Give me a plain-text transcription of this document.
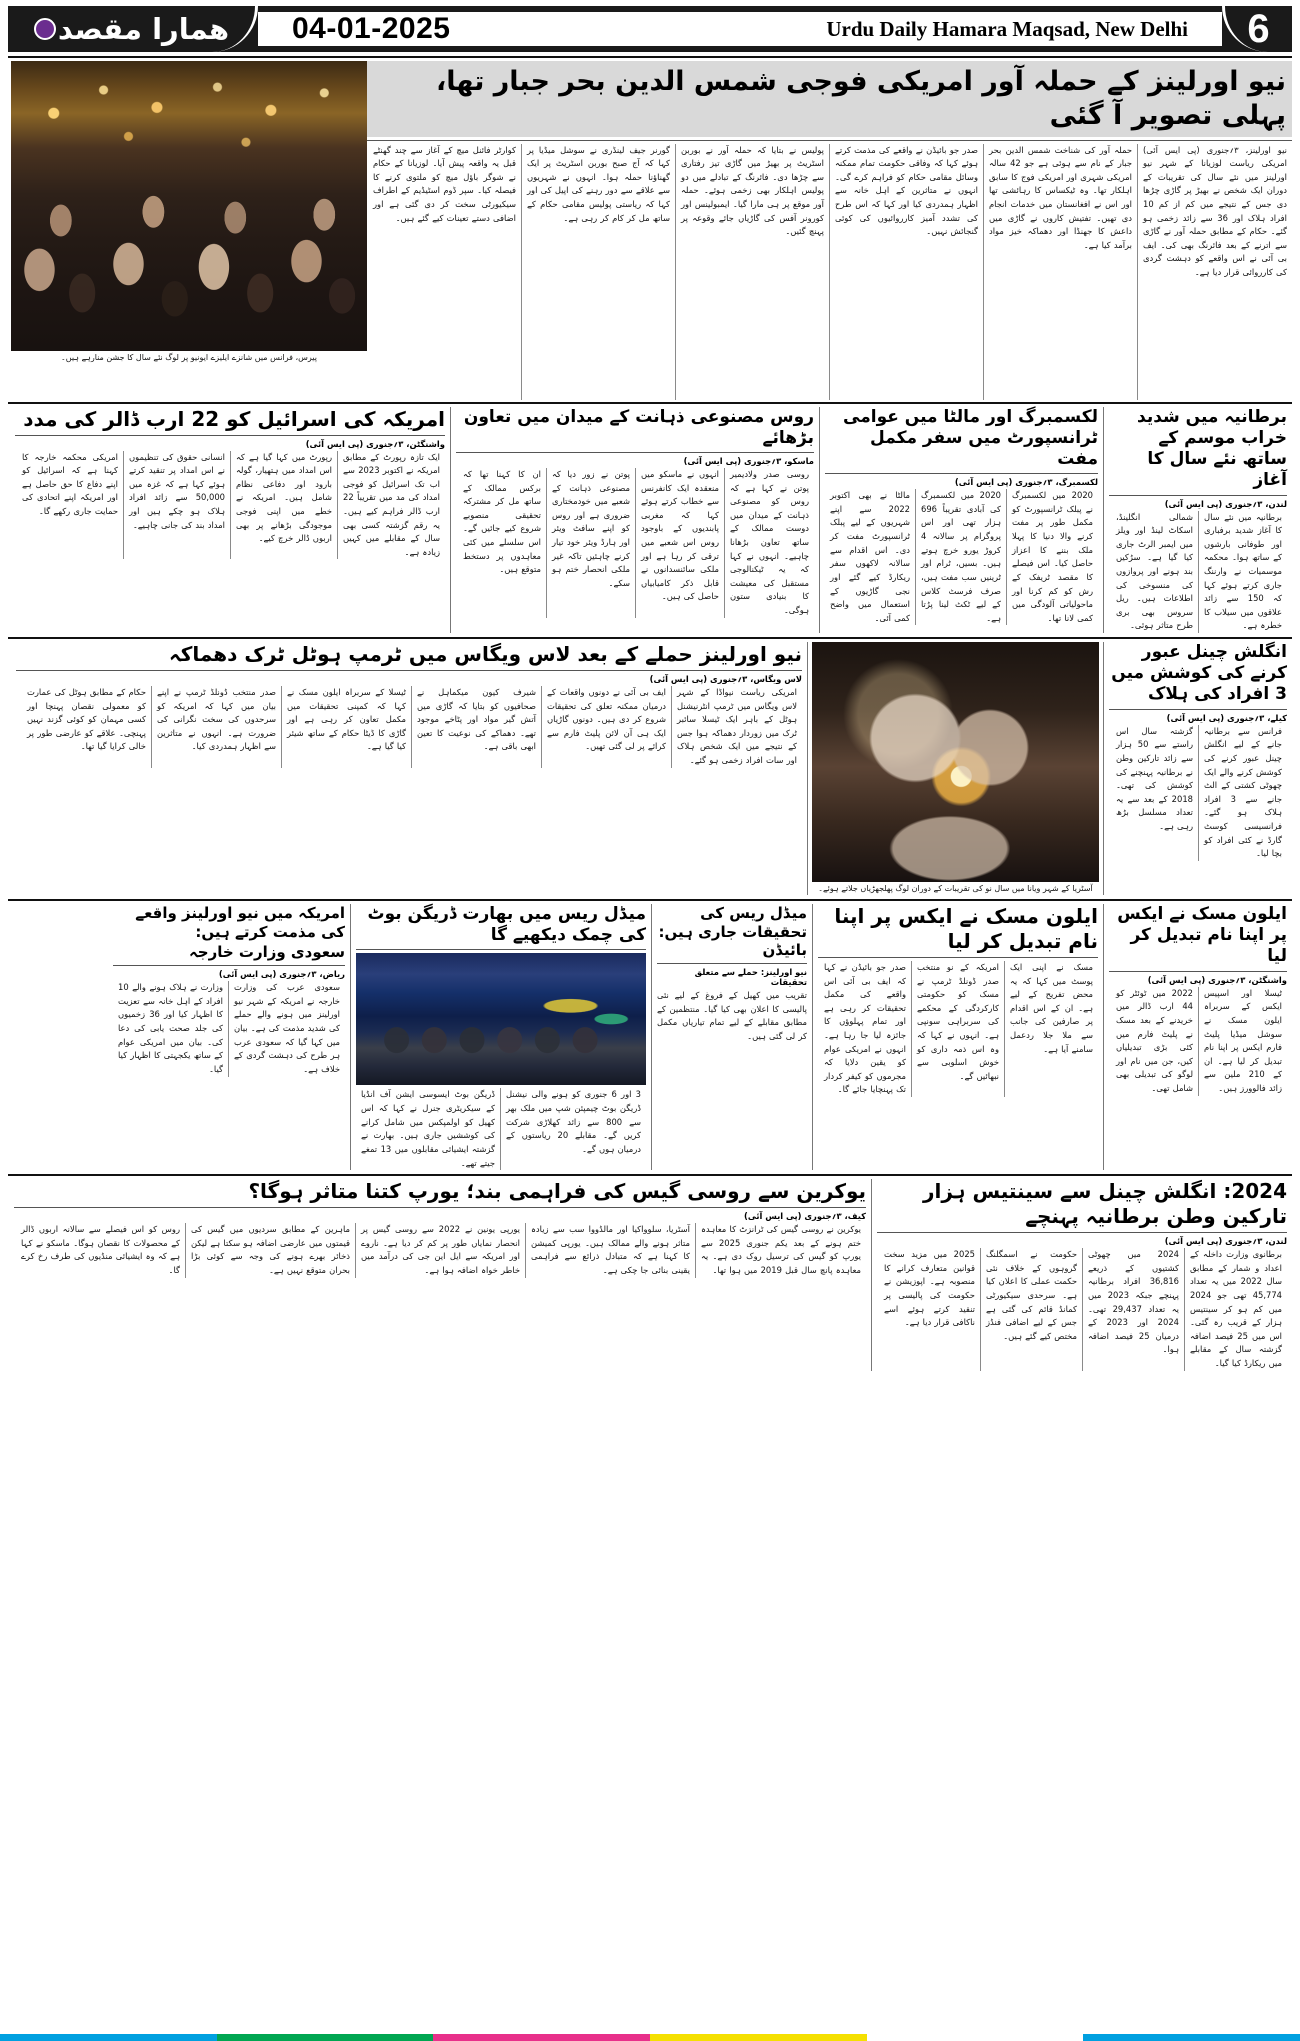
همارا مقصد 04-01-2025	Urdu Daily Hamara Maqsad, New Delhi 6
نیو اورلینز کے حملہ آور امریکی فوجی شمس الدین بحر جبار تھا، پہلی تصویر آ گئی
نیو اورلینز، ۳؍جنوری (پی ایس آئی) امریکی ریاست لوزیانا کے شہر نیو اورلینز میں نئے سال کی تقریبات کے دوران ایک شخص نے بھیڑ پر گاڑی چڑھا دی جس کے نتیجے میں کم از کم 10 افراد ہلاک اور 36 سے زائد زخمی ہو گئے۔ حکام کے مطابق حملہ آور نے گاڑی سے اترنے کے بعد فائرنگ بھی کی۔ ایف بی آئی نے اس واقعے کو دہشت گردی کی کارروائی قرار دیا ہے۔
حملہ آور کی شناخت شمس الدین بحر جبار کے نام سے ہوئی ہے جو 42 سالہ امریکی شہری اور امریکی فوج کا سابق اہلکار تھا۔ وہ ٹیکساس کا رہائشی تھا اور اس نے افغانستان میں خدمات انجام دی تھیں۔ تفتیش کاروں نے گاڑی میں داعش کا جھنڈا اور دھماکہ خیز مواد برآمد کیا ہے۔
صدر جو بائیڈن نے واقعے کی مذمت کرتے ہوئے کہا کہ وفاقی حکومت تمام ممکنہ وسائل مقامی حکام کو فراہم کرے گی۔ انہوں نے متاثرین کے اہل خانہ سے اظہار ہمدردی کیا اور کہا کہ اس طرح کی تشدد آمیز کارروائیوں کی کوئی گنجائش نہیں۔
پولیس نے بتایا کہ حملہ آور نے بوربن اسٹریٹ پر بھیڑ میں گاڑی تیز رفتاری سے چڑھا دی۔ فائرنگ کے تبادلے میں دو پولیس اہلکار بھی زخمی ہوئے۔ حملہ آور موقع پر ہی مارا گیا۔ ایمبولینس اور کورونر آفس کی گاڑیاں جائے وقوعہ پر پہنچ گئیں۔
گورنر جیف لینڈری نے سوشل میڈیا پر کہا کہ آج صبح بوربن اسٹریٹ پر ایک گھناؤنا حملہ ہوا۔ انہوں نے شہریوں سے علاقے سے دور رہنے کی اپیل کی اور کہا کہ ریاستی پولیس مقامی حکام کے ساتھ مل کر کام کر رہی ہے۔
کوارٹر فائنل میچ کے آغاز سے چند گھنٹے قبل یہ واقعہ پیش آیا۔ لوزیانا کے حکام نے شوگر باؤل میچ کو ملتوی کرنے کا فیصلہ کیا۔ سپر ڈوم اسٹیڈیم کے اطراف سیکیورٹی سخت کر دی گئی ہے اور اضافی دستے تعینات کیے گئے ہیں۔
پیرس، فرانس میں شانزے ایلیزے ایونیو پر لوگ نئے سال کا جشن منارہے ہیں۔
برطانیہ میں شدید خراب موسم کے ساتھ نئے سال کا آغاز
لندن، ۳؍جنوری (پی ایس آئی)
برطانیہ میں نئے سال کا آغاز شدید برفباری اور طوفانی بارشوں کے ساتھ ہوا۔ محکمہ موسمیات نے وارننگ جاری کرتے ہوئے کہا کہ 150 سے زائد علاقوں میں سیلاب کا خطرہ ہے۔
شمالی انگلینڈ، اسکاٹ لینڈ اور ویلز میں ایمبر الرٹ جاری کیا گیا ہے۔ سڑکیں بند ہونے اور پروازوں کی منسوخی کی اطلاعات ہیں۔ ریل سروس بھی بری طرح متاثر ہوئی۔
لکسمبرگ اور مالٹا میں عوامی ٹرانسپورٹ میں سفر مکمل مفت
لکسمبرگ، ۳؍جنوری (پی ایس آئی)
2020 میں لکسمبرگ نے پبلک ٹرانسپورٹ کو مکمل طور پر مفت کرنے والا دنیا کا پہلا ملک بننے کا اعزاز حاصل کیا۔ اس فیصلے کا مقصد ٹریفک کے رش کو کم کرنا اور ماحولیاتی آلودگی میں کمی لانا تھا۔
2020 میں لکسمبرگ کی آبادی تقریباً 696 ہزار تھی اور اس پروگرام پر سالانہ 4 کروڑ یورو خرچ ہوتے ہیں۔ بسیں، ٹرام اور ٹرینیں سب مفت ہیں، صرف فرسٹ کلاس کے لیے ٹکٹ لینا پڑتا ہے۔
مالٹا نے بھی اکتوبر 2022 سے اپنے شہریوں کے لیے پبلک ٹرانسپورٹ مفت کر دی۔ اس اقدام سے سالانہ لاکھوں سفر ریکارڈ کیے گئے اور نجی گاڑیوں کے استعمال میں واضح کمی آئی۔
روس مصنوعی ذہانت کے میدان میں تعاون بڑھائے
ماسکو، ۳؍جنوری (پی ایس آئی)
روسی صدر ولادیمیر پوتن نے کہا ہے کہ روس کو مصنوعی ذہانت کے میدان میں دوست ممالک کے ساتھ تعاون بڑھانا چاہیے۔ انہوں نے کہا کہ یہ ٹیکنالوجی مستقبل کی معیشت کا بنیادی ستون ہوگی۔
انہوں نے ماسکو میں منعقدہ ایک کانفرنس سے خطاب کرتے ہوئے کہا کہ مغربی پابندیوں کے باوجود روس اس شعبے میں ترقی کر رہا ہے اور ملکی سائنسدانوں نے قابل ذکر کامیابیاں حاصل کی ہیں۔
پوتن نے زور دیا کہ مصنوعی ذہانت کے شعبے میں خودمختاری ضروری ہے اور روس کو اپنے سافٹ ویئر اور ہارڈ ویئر خود تیار کرنے چاہئیں تاکہ غیر ملکی انحصار ختم ہو سکے۔
ان کا کہنا تھا کہ برکس ممالک کے ساتھ مل کر مشترکہ تحقیقی منصوبے شروع کیے جائیں گے۔ اس سلسلے میں کئی معاہدوں پر دستخط متوقع ہیں۔
امریکہ کی اسرائیل کو 22 ارب ڈالر کی مدد
واشنگٹن، ۳؍جنوری (پی ایس آئی)
ایک تازہ رپورٹ کے مطابق امریکہ نے اکتوبر 2023 سے اب تک اسرائیل کو فوجی امداد کی مد میں تقریباً 22 ارب ڈالر فراہم کیے ہیں۔ یہ رقم گزشتہ کسی بھی سال کے مقابلے میں کہیں زیادہ ہے۔
رپورٹ میں کہا گیا ہے کہ اس امداد میں ہتھیار، گولہ بارود اور دفاعی نظام شامل ہیں۔ امریکہ نے خطے میں اپنی فوجی موجودگی بڑھانے پر بھی اربوں ڈالر خرچ کیے۔
انسانی حقوق کی تنظیموں نے اس امداد پر تنقید کرتے ہوئے کہا ہے کہ غزہ میں 50,000 سے زائد افراد ہلاک ہو چکے ہیں اور امداد بند کی جانی چاہیے۔
امریکی محکمہ خارجہ کا کہنا ہے کہ اسرائیل کو اپنے دفاع کا حق حاصل ہے اور امریکہ اپنے اتحادی کی حمایت جاری رکھے گا۔
انگلش چینل عبور کرنے کی کوشش میں 3 افراد کی ہلاک
کیلے، ۳؍جنوری (پی ایس آئی)
فرانس سے برطانیہ جانے کے لیے انگلش چینل عبور کرنے کی کوشش کرنے والے ایک چھوٹی کشتی کے الٹ جانے سے 3 افراد ہلاک ہو گئے۔ فرانسیسی کوسٹ گارڈ نے کئی افراد کو بچا لیا۔
گزشتہ سال اس راستے سے 50 ہزار سے زائد تارکین وطن نے برطانیہ پہنچنے کی کوشش کی تھی۔ 2018 کے بعد سے یہ تعداد مسلسل بڑھ رہی ہے۔
آسٹریا کے شہر ویانا میں سال نو کی تقریبات کے دوران لوگ پھلجھڑیاں جلاتے ہوئے۔
نیو اورلینز حملے کے بعد لاس ویگاس میں ٹرمپ ہوٹل ٹرک دھماکہ
لاس ویگاس، ۳؍جنوری (پی ایس آئی)
امریکی ریاست نیواڈا کے شہر لاس ویگاس میں ٹرمپ انٹرنیشنل ہوٹل کے باہر ایک ٹیسلا سائبر ٹرک میں زوردار دھماکہ ہوا جس کے نتیجے میں ایک شخص ہلاک اور سات افراد زخمی ہو گئے۔
ایف بی آئی نے دونوں واقعات کے درمیان ممکنہ تعلق کی تحقیقات شروع کر دی ہیں۔ دونوں گاڑیاں ایک ہی آن لائن پلیٹ فارم سے کرائے پر لی گئی تھیں۔
شیرف کیون میکماہل نے صحافیوں کو بتایا کہ گاڑی میں آتش گیر مواد اور پٹاخے موجود تھے۔ دھماکے کی نوعیت کا تعین ابھی باقی ہے۔
ٹیسلا کے سربراہ ایلون مسک نے کہا کہ کمپنی تحقیقات میں مکمل تعاون کر رہی ہے اور گاڑی کا ڈیٹا حکام کے ساتھ شیئر کیا گیا ہے۔
صدر منتخب ڈونلڈ ٹرمپ نے اپنے بیان میں کہا کہ امریکہ کو سرحدوں کی سخت نگرانی کی ضرورت ہے۔ انہوں نے متاثرین سے اظہار ہمدردی کیا۔
حکام کے مطابق ہوٹل کی عمارت کو معمولی نقصان پہنچا اور کسی مہمان کو کوئی گزند نہیں پہنچی۔ علاقے کو عارضی طور پر خالی کرایا گیا تھا۔
ایلون مسک نے ایکس پر اپنا نام تبدیل کر لیا
واشنگٹن، ۳؍جنوری (پی ایس آئی)
ٹیسلا اور اسپیس ایکس کے سربراہ ایلون مسک نے سوشل میڈیا پلیٹ فارم ایکس پر اپنا نام تبدیل کر لیا ہے۔ ان کے 210 ملین سے زائد فالوورز ہیں۔
2022 میں ٹوئٹر کو 44 ارب ڈالر میں خریدنے کے بعد مسک نے پلیٹ فارم میں کئی بڑی تبدیلیاں کیں، جن میں نام اور لوگو کی تبدیلی بھی شامل تھی۔
ایلون مسک نے ایکس پر اپنا نام تبدیل کر لیا
مسک نے اپنی ایک پوسٹ میں کہا کہ یہ محض تفریح کے لیے ہے۔ ان کے اس اقدام پر صارفین کی جانب سے ملا جلا ردعمل سامنے آیا ہے۔
امریکہ کے نو منتخب صدر ڈونلڈ ٹرمپ نے مسک کو حکومتی کارکردگی کے محکمے کی سربراہی سونپی ہے۔ انہوں نے کہا کہ وہ اس ذمہ داری کو خوش اسلوبی سے نبھائیں گے۔
صدر جو بائیڈن نے کہا کہ ایف بی آئی اس واقعے کی مکمل تحقیقات کر رہی ہے اور تمام پہلوؤں کا جائزہ لیا جا رہا ہے۔ انہوں نے امریکی عوام کو یقین دلایا کہ مجرموں کو کیفر کردار تک پہنچایا جائے گا۔
میڈل ریس کی تحقیقات جاری ہیں: بائیڈن
نیو اورلینز: حملے سے متعلق تحقیقات
تقریب میں کھیل کے فروغ کے لیے نئی پالیسی کا اعلان بھی کیا گیا۔ منتظمین کے مطابق مقابلے کے لیے تمام تیاریاں مکمل کر لی گئی ہیں۔
میڈل ریس میں بھارت ڈریگن بوٹ کی چمک دیکھیے گا
3 اور 6 جنوری کو ہونے والی نیشنل ڈریگن بوٹ چیمپئن شپ میں ملک بھر سے 800 سے زائد کھلاڑی شرکت کریں گے۔ مقابلے 20 ریاستوں کے درمیان ہوں گے۔
ڈریگن بوٹ ایسوسی ایشن آف انڈیا کے سیکریٹری جنرل نے کہا کہ اس کھیل کو اولمپکس میں شامل کرانے کی کوششیں جاری ہیں۔ بھارت نے گزشتہ ایشیائی مقابلوں میں 13 تمغے جیتے تھے۔
امریکہ میں نیو اورلینز واقعے کی مذمت کرتے ہیں:
سعودی وزارت خارجہ
ریاض، ۳؍جنوری (پی ایس آئی)
سعودی عرب کی وزارت خارجہ نے امریکہ کے شہر نیو اورلینز میں ہونے والے حملے کی شدید مذمت کی ہے۔ بیان میں کہا گیا کہ سعودی عرب ہر طرح کی دہشت گردی کے خلاف ہے۔
وزارت نے ہلاک ہونے والے 10 افراد کے اہل خانہ سے تعزیت کا اظہار کیا اور 36 زخمیوں کی جلد صحت یابی کی دعا کی۔ بیان میں امریکی عوام کے ساتھ یکجہتی کا اظہار کیا گیا۔
2024: انگلش چینل سے سینتیس ہزار تارکین وطن برطانیہ پہنچے
لندن، ۳؍جنوری (پی ایس آئی)
برطانوی وزارت داخلہ کے اعداد و شمار کے مطابق سال 2022 میں یہ تعداد 45,774 تھی جو 2024 میں کم ہو کر سینتیس ہزار کے قریب رہ گئی۔ اس میں 25 فیصد اضافہ گزشتہ سال کے مقابلے میں ریکارڈ کیا گیا۔
2024 میں چھوٹی کشتیوں کے ذریعے 36,816 افراد برطانیہ پہنچے جبکہ 2023 میں یہ تعداد 29,437 تھی۔ 2024 اور 2023 کے درمیان 25 فیصد اضافہ ہوا۔
حکومت نے اسمگلنگ گروہوں کے خلاف نئی حکمت عملی کا اعلان کیا ہے۔ سرحدی سیکیورٹی کمانڈ قائم کی گئی ہے جس کے لیے اضافی فنڈز مختص کیے گئے ہیں۔
2025 میں مزید سخت قوانین متعارف کرانے کا منصوبہ ہے۔ اپوزیشن نے حکومت کی پالیسی پر تنقید کرتے ہوئے اسے ناکافی قرار دیا ہے۔
یوکرین سے روسی گیس کی فراہمی بند؛ یورپ کتنا متاثر ہوگا؟
کیف، ۳؍جنوری (پی ایس آئی)
یوکرین نے روسی گیس کی ٹرانزٹ کا معاہدہ ختم ہونے کے بعد یکم جنوری 2025 سے یورپ کو گیس کی ترسیل روک دی ہے۔ یہ معاہدہ پانچ سال قبل 2019 میں ہوا تھا۔
آسٹریا، سلوواکیا اور مالڈووا سب سے زیادہ متاثر ہونے والے ممالک ہیں۔ یورپی کمیشن کا کہنا ہے کہ متبادل ذرائع سے فراہمی یقینی بنائی جا چکی ہے۔
یورپی یونین نے 2022 سے روسی گیس پر انحصار نمایاں طور پر کم کر دیا ہے۔ ناروے اور امریکہ سے ایل این جی کی درآمد میں خاطر خواہ اضافہ ہوا ہے۔
ماہرین کے مطابق سردیوں میں گیس کی قیمتوں میں عارضی اضافہ ہو سکتا ہے لیکن ذخائر بھرے ہونے کی وجہ سے کوئی بڑا بحران متوقع نہیں ہے۔
روس کو اس فیصلے سے سالانہ اربوں ڈالر کے محصولات کا نقصان ہوگا۔ ماسکو نے کہا ہے کہ وہ ایشیائی منڈیوں کی طرف رخ کرے گا۔
